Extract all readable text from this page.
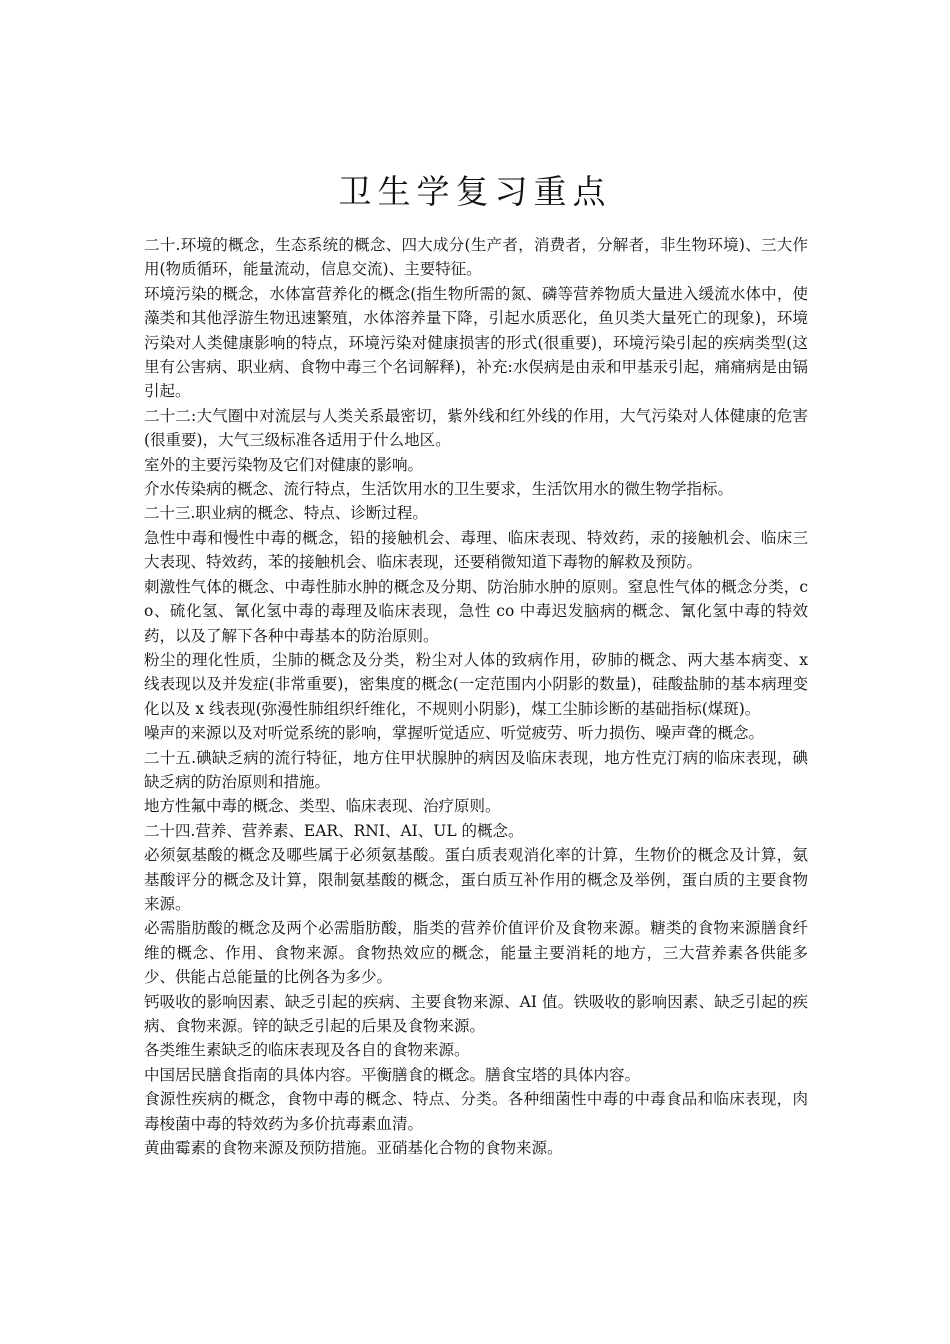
卫生学复习重点

二十.环境的概念，生态系统的概念、四大成分(生产者，消费者，分解者，非生物环境)、三大作用(物质循环，能量流动，信息交流)、主要特征。

环境污染的概念，水体富营养化的概念(指生物所需的氮、磷等营养物质大量进入缓流水体中，使藻类和其他浮游生物迅速繁殖，水体溶养量下降，引起水质恶化，鱼贝类大量死亡的现象)，环境污染对人类健康影响的特点，环境污染对健康损害的形式(很重要)，环境污染引起的疾病类型(这里有公害病、职业病、食物中毒三个名词解释)，补充:水俣病是由汞和甲基汞引起，痛痛病是由镉引起。

二十二:大气圈中对流层与人类关系最密切，紫外线和红外线的作用，大气污染对人体健康的危害(很重要)，大气三级标准各适用于什么地区。

室外的主要污染物及它们对健康的影响。

介水传染病的概念、流行特点，生活饮用水的卫生要求，生活饮用水的微生物学指标。

二十三.职业病的概念、特点、诊断过程。

急性中毒和慢性中毒的概念，铅的接触机会、毒理、临床表现、特效药，汞的接触机会、临床三大表现、特效药，苯的接触机会、临床表现，还要稍微知道下毒物的解救及预防。

刺激性气体的概念、中毒性肺水肿的概念及分期、防治肺水肿的原则。窒息性气体的概念分类，co、硫化氢、氰化氢中毒的毒理及临床表现，急性 co 中毒迟发脑病的概念、氰化氢中毒的特效药，以及了解下各种中毒基本的防治原则。

粉尘的理化性质，尘肺的概念及分类，粉尘对人体的致病作用，矽肺的概念、两大基本病变、x 线表现以及并发症(非常重要)，密集度的概念(一定范围内小阴影的数量)，硅酸盐肺的基本病理变化以及 x 线表现(弥漫性肺组织纤维化，不规则小阴影)，煤工尘肺诊断的基础指标(煤斑)。

噪声的来源以及对听觉系统的影响，掌握听觉适应、听觉疲劳、听力损伤、噪声聋的概念。

二十五.碘缺乏病的流行特征，地方住甲状腺肿的病因及临床表现，地方性克汀病的临床表现，碘缺乏病的防治原则和措施。

地方性氟中毒的概念、类型、临床表现、治疗原则。

二十四.营养、营养素、EAR、RNI、AI、UL 的概念。

必须氨基酸的概念及哪些属于必须氨基酸。蛋白质表观消化率的计算，生物价的概念及计算，氨基酸评分的概念及计算，限制氨基酸的概念，蛋白质互补作用的概念及举例，蛋白质的主要食物来源。

必需脂肪酸的概念及两个必需脂肪酸，脂类的营养价值评价及食物来源。糖类的食物来源膳食纤维的概念、作用、食物来源。食物热效应的概念，能量主要消耗的地方，三大营养素各供能多少、供能占总能量的比例各为多少。

钙吸收的影响因素、缺乏引起的疾病、主要食物来源、AI 值。铁吸收的影响因素、缺乏引起的疾病、食物来源。锌的缺乏引起的后果及食物来源。

各类维生素缺乏的临床表现及各自的食物来源。

中国居民膳食指南的具体内容。平衡膳食的概念。膳食宝塔的具体内容。

食源性疾病的概念，食物中毒的概念、特点、分类。各种细菌性中毒的中毒食品和临床表现，肉毒梭菌中毒的特效药为多价抗毒素血清。

黄曲霉素的食物来源及预防措施。亚硝基化合物的食物来源。
